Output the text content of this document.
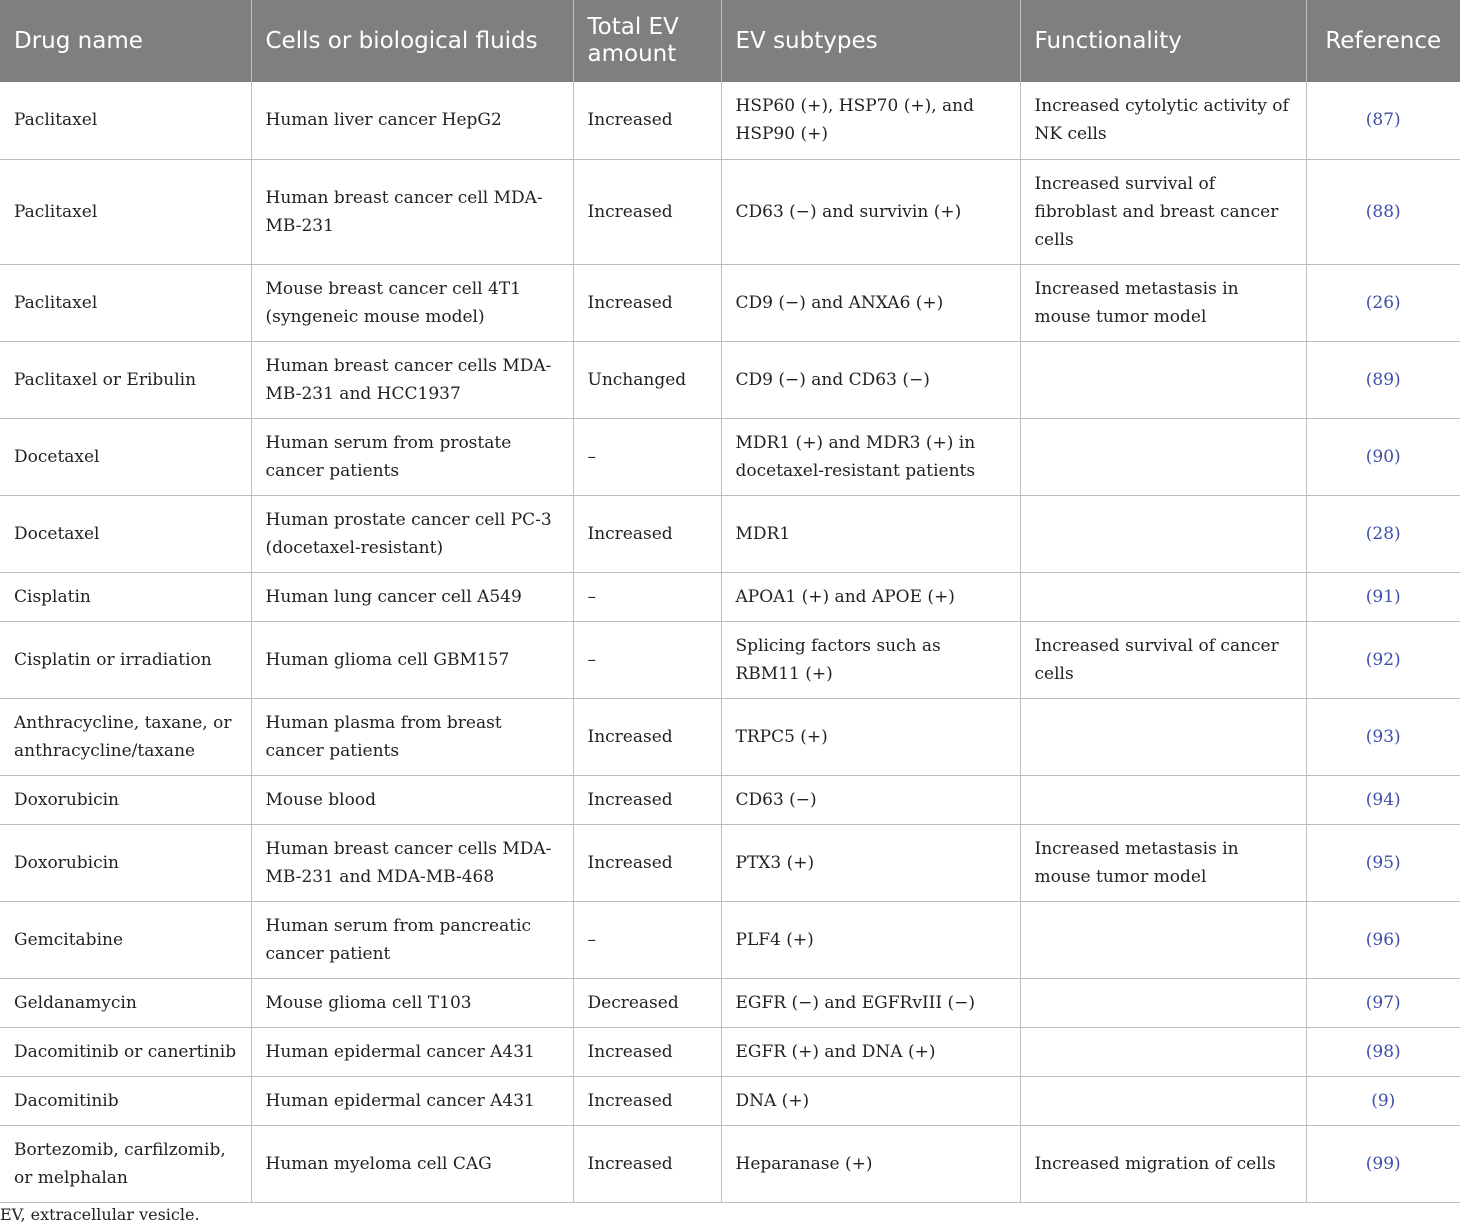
Drug name	Cells or biological fluids	Total EV amount	EV subtypes	Functionality	Reference
Paclitaxel	Human liver cancer HepG2	Increased	HSP60 (+), HSP70 (+), and HSP90 (+)	Increased cytolytic activity of NK cells	(87)
Paclitaxel	Human breast cancer cell MDA-MB-231	Increased	CD63 (−) and survivin (+)	Increased survival of fibroblast and breast cancer cells	(88)
Paclitaxel	Mouse breast cancer cell 4T1 (syngeneic mouse model)	Increased	CD9 (−) and ANXA6 (+)	Increased metastasis in mouse tumor model	(26)
Paclitaxel or Eribulin	Human breast cancer cells MDA-MB-231 and HCC1937	Unchanged	CD9 (−) and CD63 (−)		(89)
Docetaxel	Human serum from prostate cancer patients	–	MDR1 (+) and MDR3 (+) in docetaxel-resistant patients		(90)
Docetaxel	Human prostate cancer cell PC-3 (docetaxel-resistant)	Increased	MDR1		(28)
Cisplatin	Human lung cancer cell A549	–	APOA1 (+) and APOE (+)		(91)
Cisplatin or irradiation	Human glioma cell GBM157	–	Splicing factors such as RBM11 (+)	Increased survival of cancer cells	(92)
Anthracycline, taxane, or anthracycline/taxane	Human plasma from breast cancer patients	Increased	TRPC5 (+)		(93)
Doxorubicin	Mouse blood	Increased	CD63 (−)		(94)
Doxorubicin	Human breast cancer cells MDA-MB-231 and MDA-MB-468	Increased	PTX3 (+)	Increased metastasis in mouse tumor model	(95)
Gemcitabine	Human serum from pancreatic cancer patient	–	PLF4 (+)		(96)
Geldanamycin	Mouse glioma cell T103	Decreased	EGFR (−) and EGFRvIII (−)		(97)
Dacomitinib or canertinib	Human epidermal cancer A431	Increased	EGFR (+) and DNA (+)		(98)
Dacomitinib	Human epidermal cancer A431	Increased	DNA (+)		(9)
Bortezomib, carfilzomib, or melphalan	Human myeloma cell CAG	Increased	Heparanase (+)	Increased migration of cells	(99)
EV, extracellular vesicle.
